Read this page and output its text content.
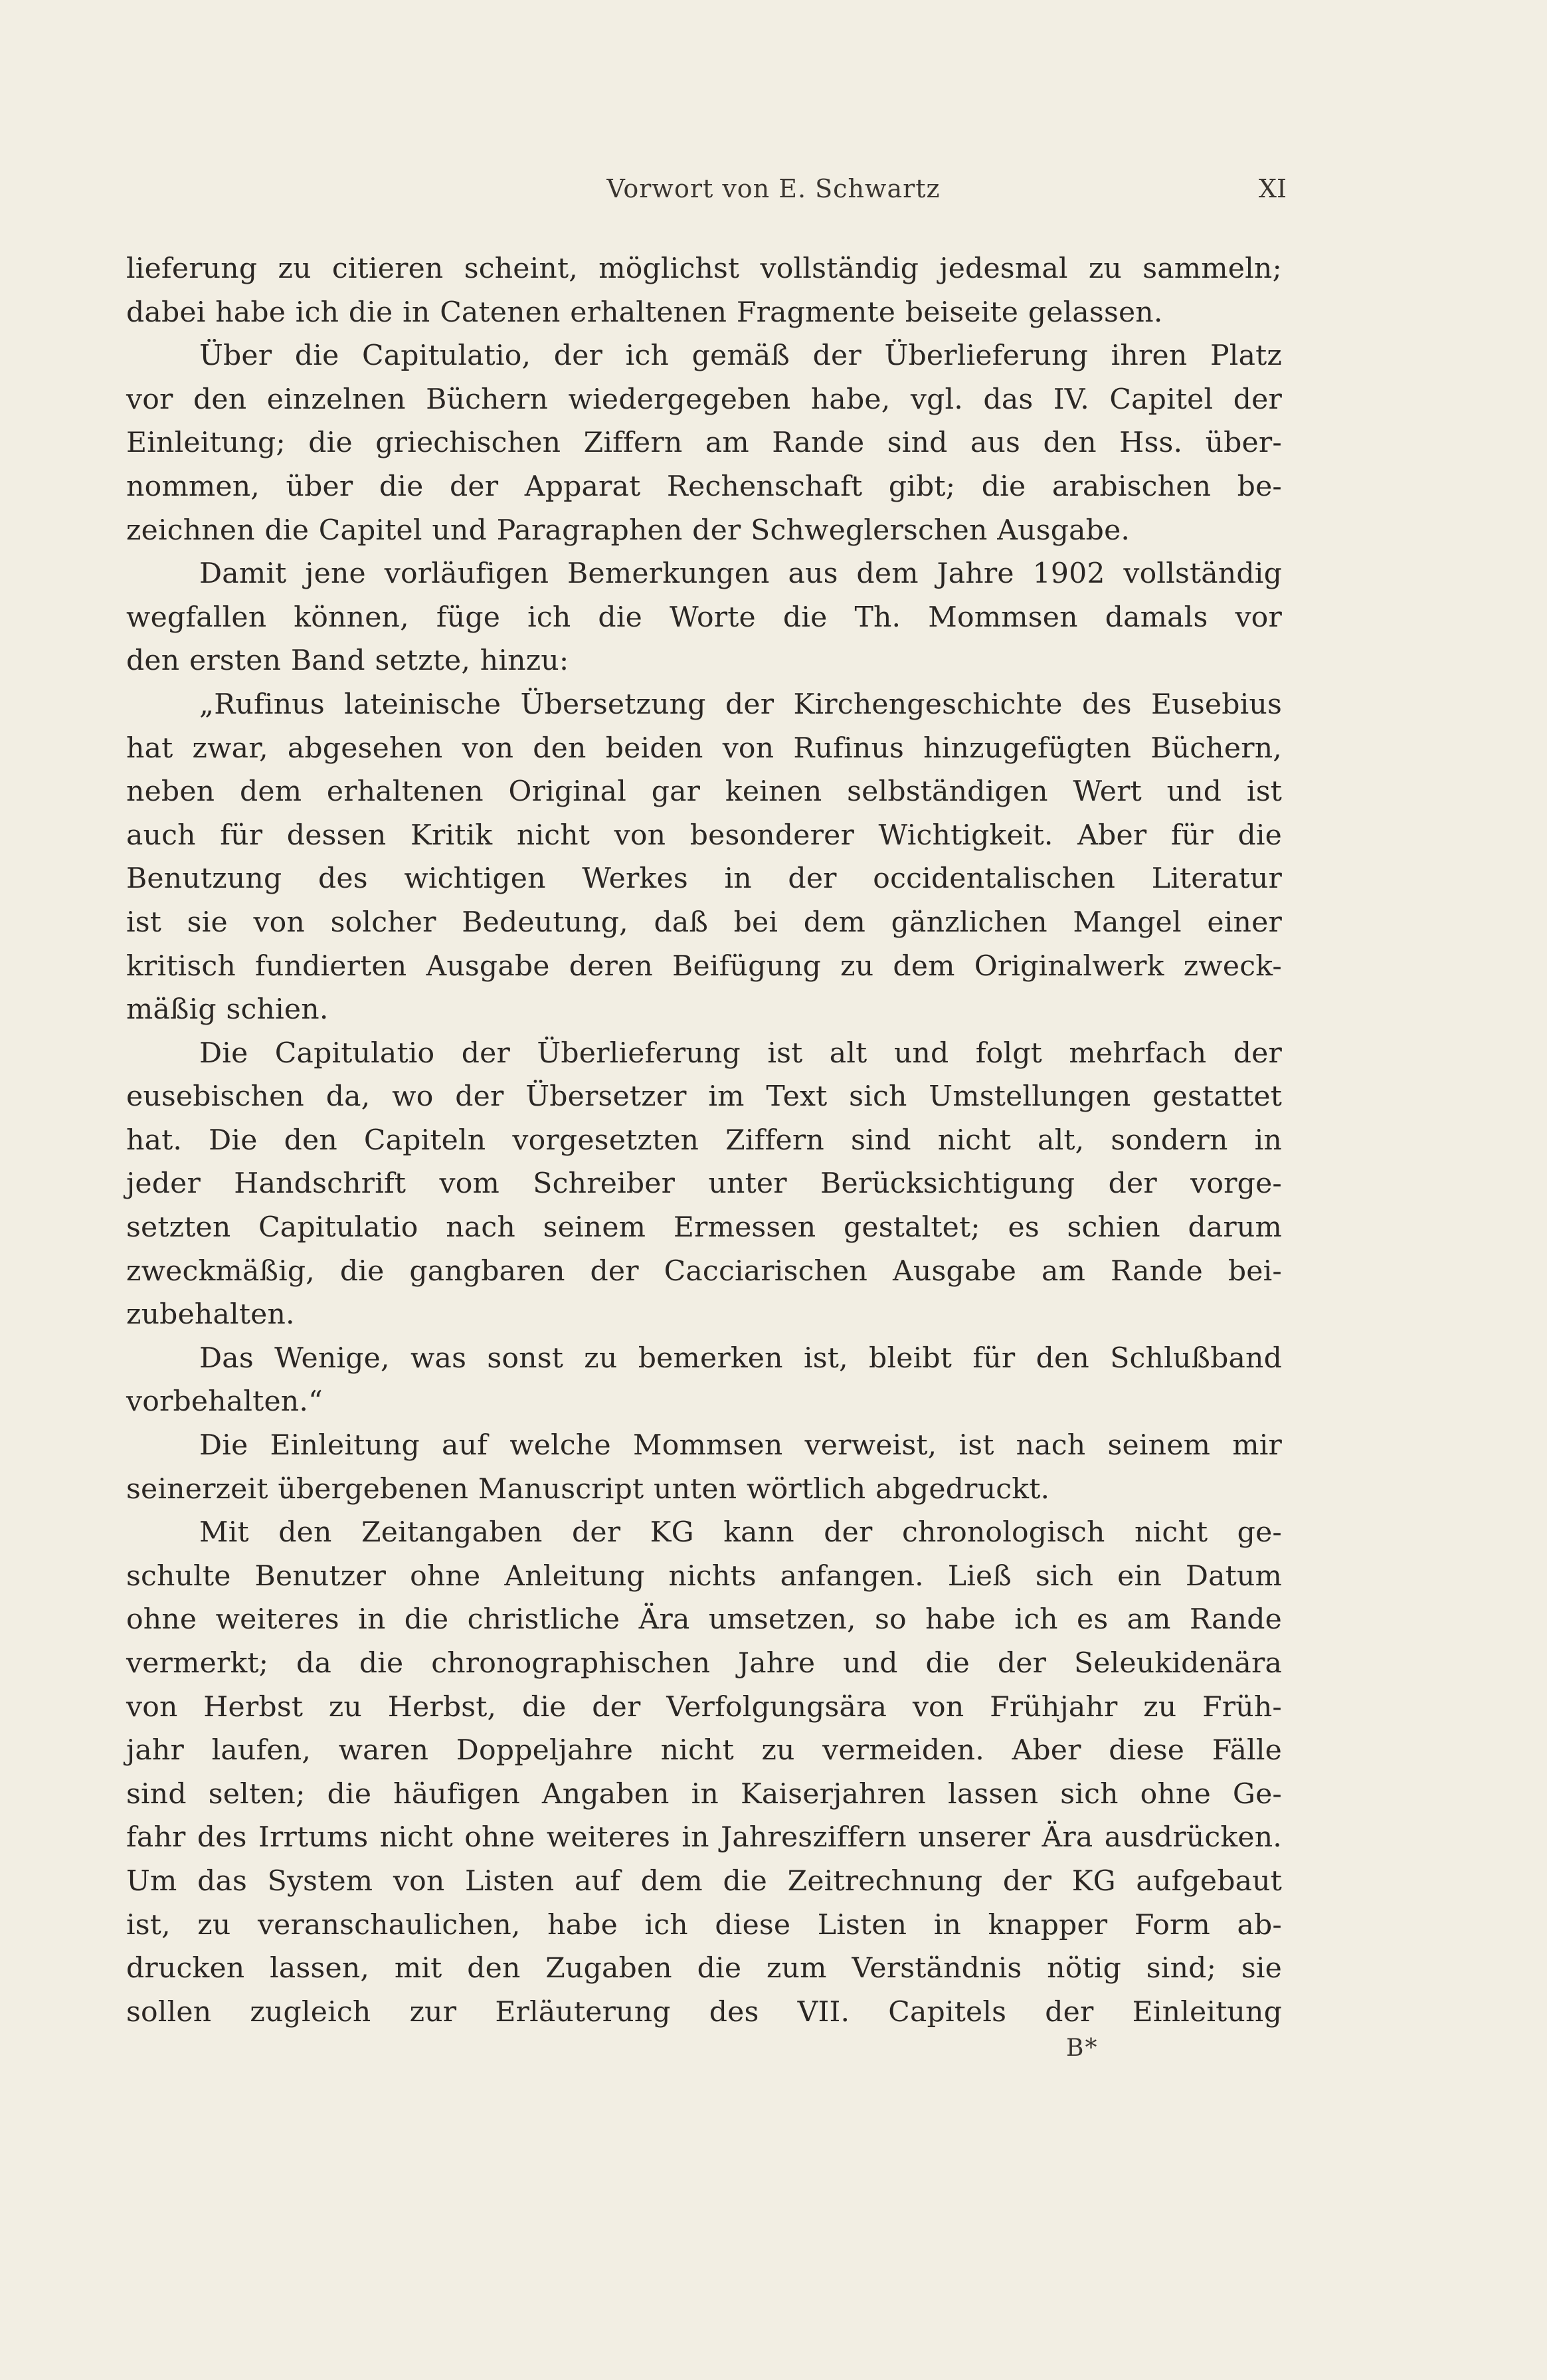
Vorwort von E. Schwartz	XI
lieferung zu citieren scheint, möglichst vollständig jedesmal zu sammeln;
dabei habe ich die in Catenen erhaltenen Fragmente beiseite gelassen.
Über die Capitulatio, der ich gemäß der Überlieferung ihren Platz
vor den einzelnen Büchern wiedergegeben habe, vgl. das IV. Capitel der
Einleitung; die griechischen Ziffern am Rande sind aus den Hss. über-
nommen, über die der Apparat Rechenschaft gibt; die arabischen be-
zeichnen die Capitel und Paragraphen der Schweglerschen Ausgabe.
Damit jene vorläufigen Bemerkungen aus dem Jahre 1902 vollständig
wegfallen können, füge ich die Worte die Th. Mommsen damals vor
den ersten Band setzte, hinzu:
„Rufinus lateinische Übersetzung der Kirchengeschichte des Eusebius
hat zwar, abgesehen von den beiden von Rufinus hinzugefügten Büchern,
neben dem erhaltenen Original gar keinen selbständigen Wert und ist
auch für dessen Kritik nicht von besonderer Wichtigkeit. Aber für die
Benutzung des wichtigen Werkes in der occidentalischen Literatur
ist sie von solcher Bedeutung, daß bei dem gänzlichen Mangel einer
kritisch fundierten Ausgabe deren Beifügung zu dem Originalwerk zweck-
mäßig schien.
Die Capitulatio der Überlieferung ist alt und folgt mehrfach der
eusebischen da, wo der Übersetzer im Text sich Umstellungen gestattet
hat. Die den Capiteln vorgesetzten Ziffern sind nicht alt, sondern in
jeder Handschrift vom Schreiber unter Berücksichtigung der vorge-
setzten Capitulatio nach seinem Ermessen gestaltet; es schien darum
zweckmäßig, die gangbaren der Cacciarischen Ausgabe am Rande bei-
zubehalten.
Das Wenige, was sonst zu bemerken ist, bleibt für den Schlußband
vorbehalten.“
Die Einleitung auf welche Mommsen verweist, ist nach seinem mir
seinerzeit übergebenen Manuscript unten wörtlich abgedruckt.
Mit den Zeitangaben der KG kann der chronologisch nicht ge-
schulte Benutzer ohne Anleitung nichts anfangen. Ließ sich ein Datum
ohne weiteres in die christliche Ära umsetzen, so habe ich es am Rande
vermerkt; da die chronographischen Jahre und die der Seleukidenära
von Herbst zu Herbst, die der Verfolgungsära von Frühjahr zu Früh-
jahr laufen, waren Doppeljahre nicht zu vermeiden. Aber diese Fälle
sind selten; die häufigen Angaben in Kaiserjahren lassen sich ohne Ge-
fahr des Irrtums nicht ohne weiteres in Jahresziffern unserer Ära ausdrücken.
Um das System von Listen auf dem die Zeitrechnung der KG aufgebaut
ist, zu veranschaulichen, habe ich diese Listen in knapper Form ab-
drucken lassen, mit den Zugaben die zum Verständnis nötig sind; sie
sollen zugleich zur Erläuterung des VII. Capitels der Einleitung
B*
